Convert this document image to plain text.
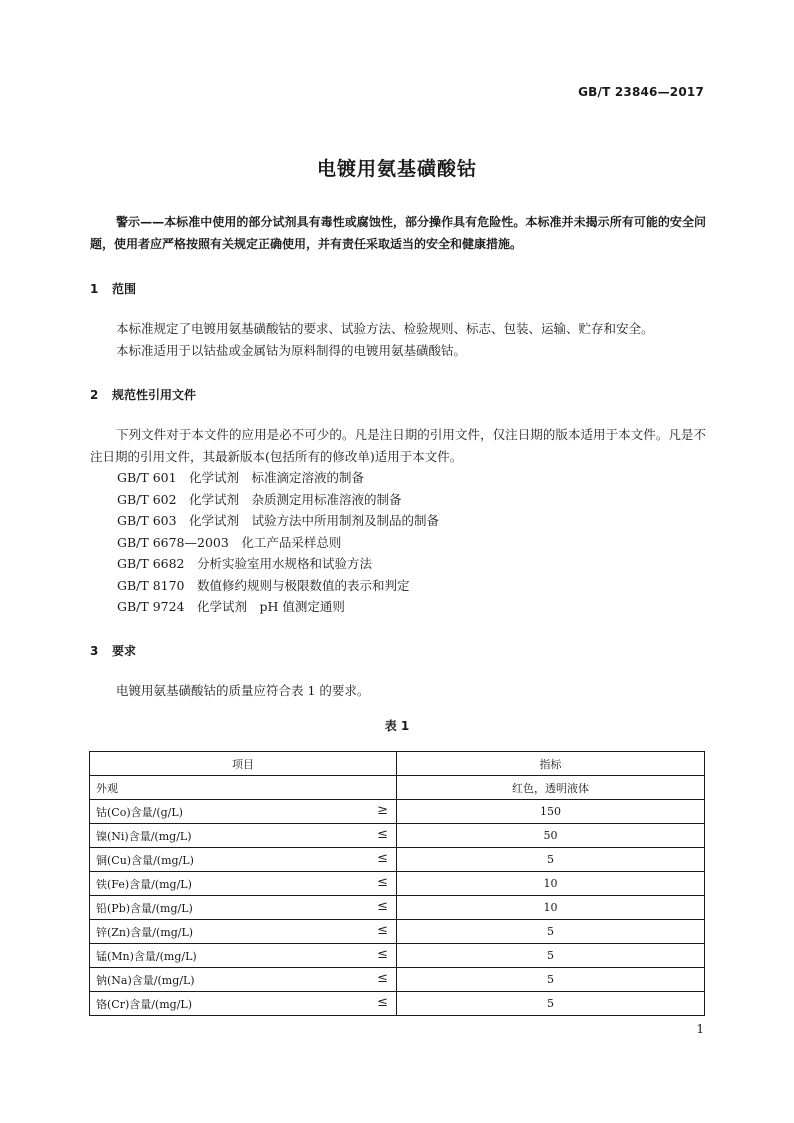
GB/T 23846—2017
电镀用氨基磺酸钴
警示——本标准中使用的部分试剂具有毒性或腐蚀性，部分操作具有危险性。本标准并未揭示所有可能的安全问题，使用者应严格按照有关规定正确使用，并有责任采取适当的安全和健康措施。
1 范围
本标准规定了电镀用氨基磺酸钴的要求、试验方法、检验规则、标志、包装、运输、贮存和安全。
本标准适用于以钴盐或金属钴为原料制得的电镀用氨基磺酸钴。
2 规范性引用文件
下列文件对于本文件的应用是必不可少的。凡是注日期的引用文件，仅注日期的版本适用于本文件。凡是不注日期的引用文件，其最新版本(包括所有的修改单)适用于本文件。
GB/T 601　化学试剂　标准滴定溶液的制备
GB/T 602　化学试剂　杂质测定用标准溶液的制备
GB/T 603　化学试剂　试验方法中所用制剂及制品的制备
GB/T 6678—2003　化工产品采样总则
GB/T 6682　分析实验室用水规格和试验方法
GB/T 8170　数值修约规则与极限数值的表示和判定
GB/T 9724　化学试剂　pH 值测定通则
3 要求
电镀用氨基磺酸钴的质量应符合表 1 的要求。
表 1
项目	指标
外观	红色，透明液体
钴(Co)含量/(g/L) ≥	150
镍(Ni)含量/(mg/L) ≤	50
铜(Cu)含量/(mg/L) ≤	5
铁(Fe)含量/(mg/L) ≤	10
铅(Pb)含量/(mg/L) ≤	10
锌(Zn)含量/(mg/L) ≤	5
锰(Mn)含量/(mg/L) ≤	5
钠(Na)含量/(mg/L) ≤	5
铬(Cr)含量/(mg/L) ≤	5
1
